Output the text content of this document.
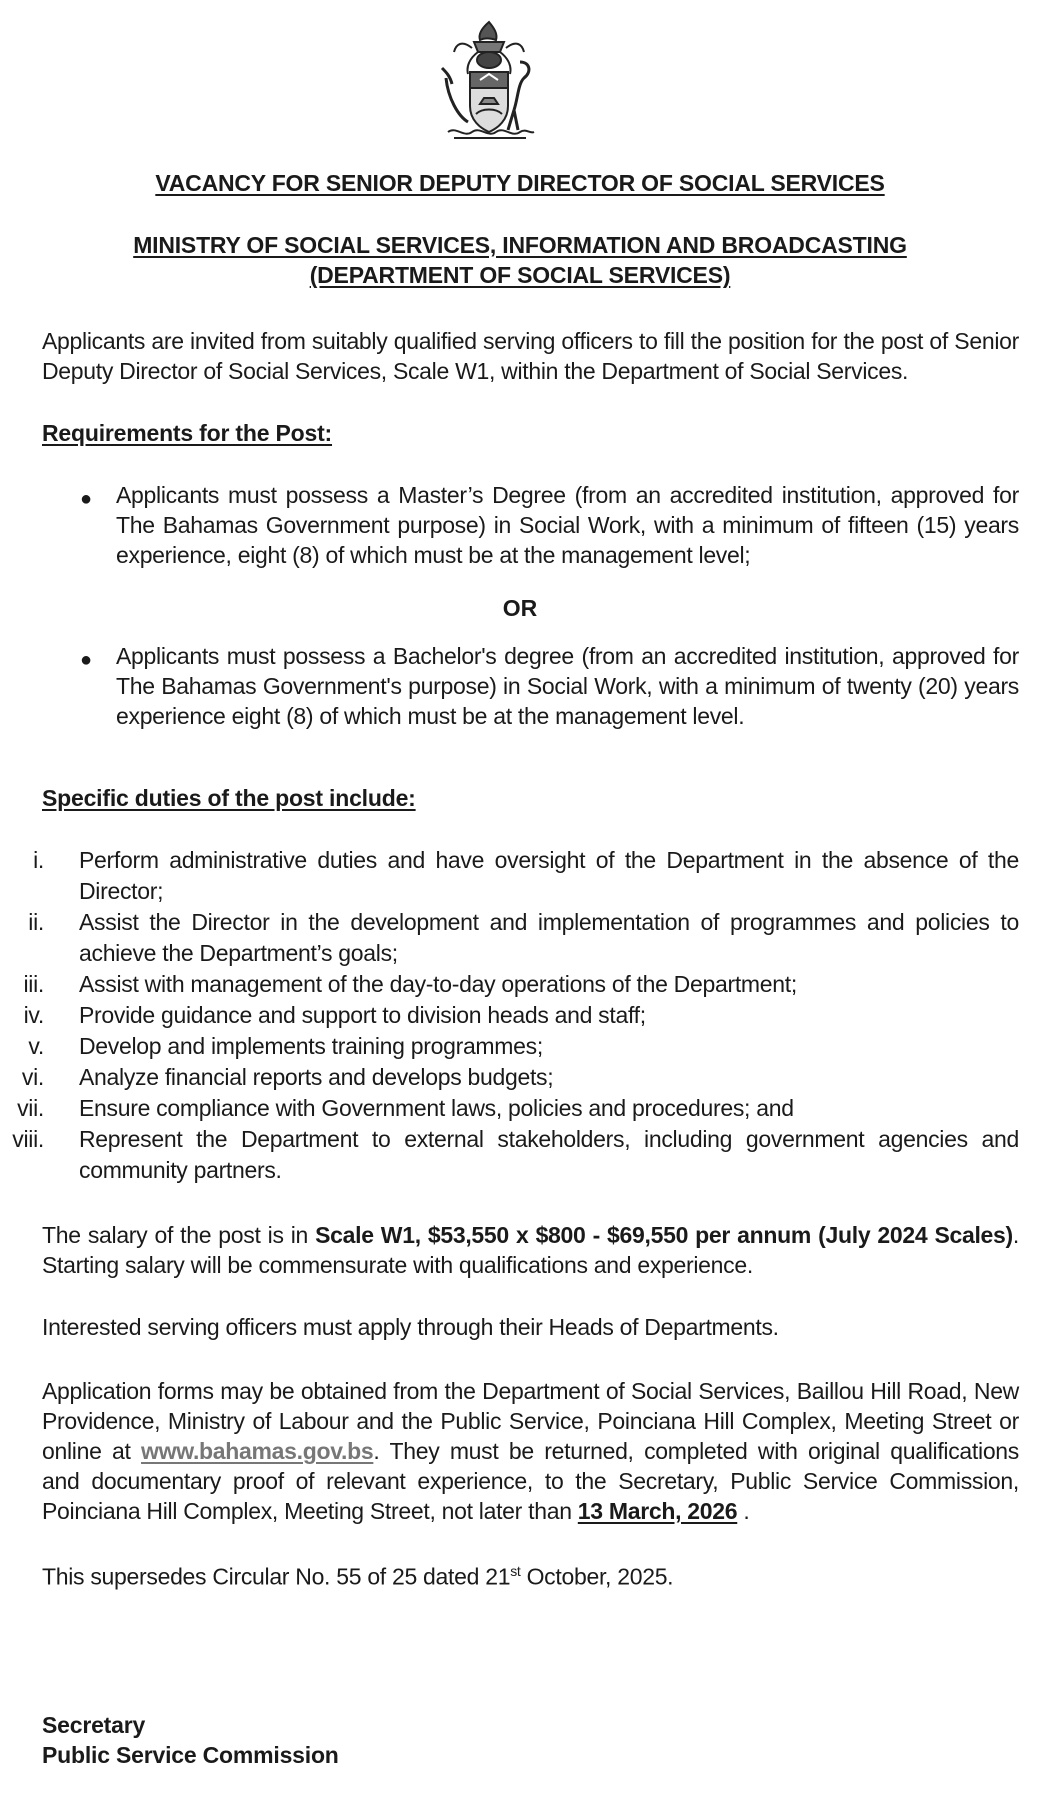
VACANCY FOR SENIOR DEPUTY DIRECTOR OF SOCIAL SERVICES
MINISTRY OF SOCIAL SERVICES, INFORMATION AND BROADCASTING
(DEPARTMENT OF SOCIAL SERVICES)
Applicants are invited from suitably qualified serving officers to fill the position for the post of Senior Deputy Director of Social Services, Scale W1, within the Department of Social Services.
Requirements for the Post:
● Applicants must possess a Master’s Degree (from an accredited institution, approved for The Bahamas Government purpose) in Social Work, with a minimum of fifteen (15) years experience, eight (8) of which must be at the management level;
OR
● Applicants must possess a Bachelor's degree (from an accredited institution, approved for The Bahamas Government's purpose) in Social Work, with a minimum of twenty (20) years experience eight (8) of which must be at the management level.
Specific duties of the post include:
i.	Perform administrative duties and have oversight of the Department in the absence of the Director;
ii.	Assist the Director in the development and implementation of programmes and policies to achieve the Department’s goals;
iii.	Assist with management of the day-to-day operations of the Department;
iv.	Provide guidance and support to division heads and staff;
v.	Develop and implements training programmes;
vi.	Analyze financial reports and develops budgets;
vii.	Ensure compliance with Government laws, policies and procedures; and
viii.	Represent the Department to external stakeholders, including government agencies and community partners.
The salary of the post is in Scale W1, $53,550 x $800 - $69,550 per annum (July 2024 Scales). Starting salary will be commensurate with qualifications and experience.
Interested serving officers must apply through their Heads of Departments.
Application forms may be obtained from the Department of Social Services, Baillou Hill Road, New Providence, Ministry of Labour and the Public Service, Poinciana Hill Complex, Meeting Street or online at www.bahamas.gov.bs. They must be returned, completed with original qualifications and documentary proof of relevant experience, to the Secretary, Public Service Commission, Poinciana Hill Complex, Meeting Street, not later than 13 March, 2026 .
This supersedes Circular No. 55 of 25 dated 21st October, 2025.
Secretary
Public Service Commission
